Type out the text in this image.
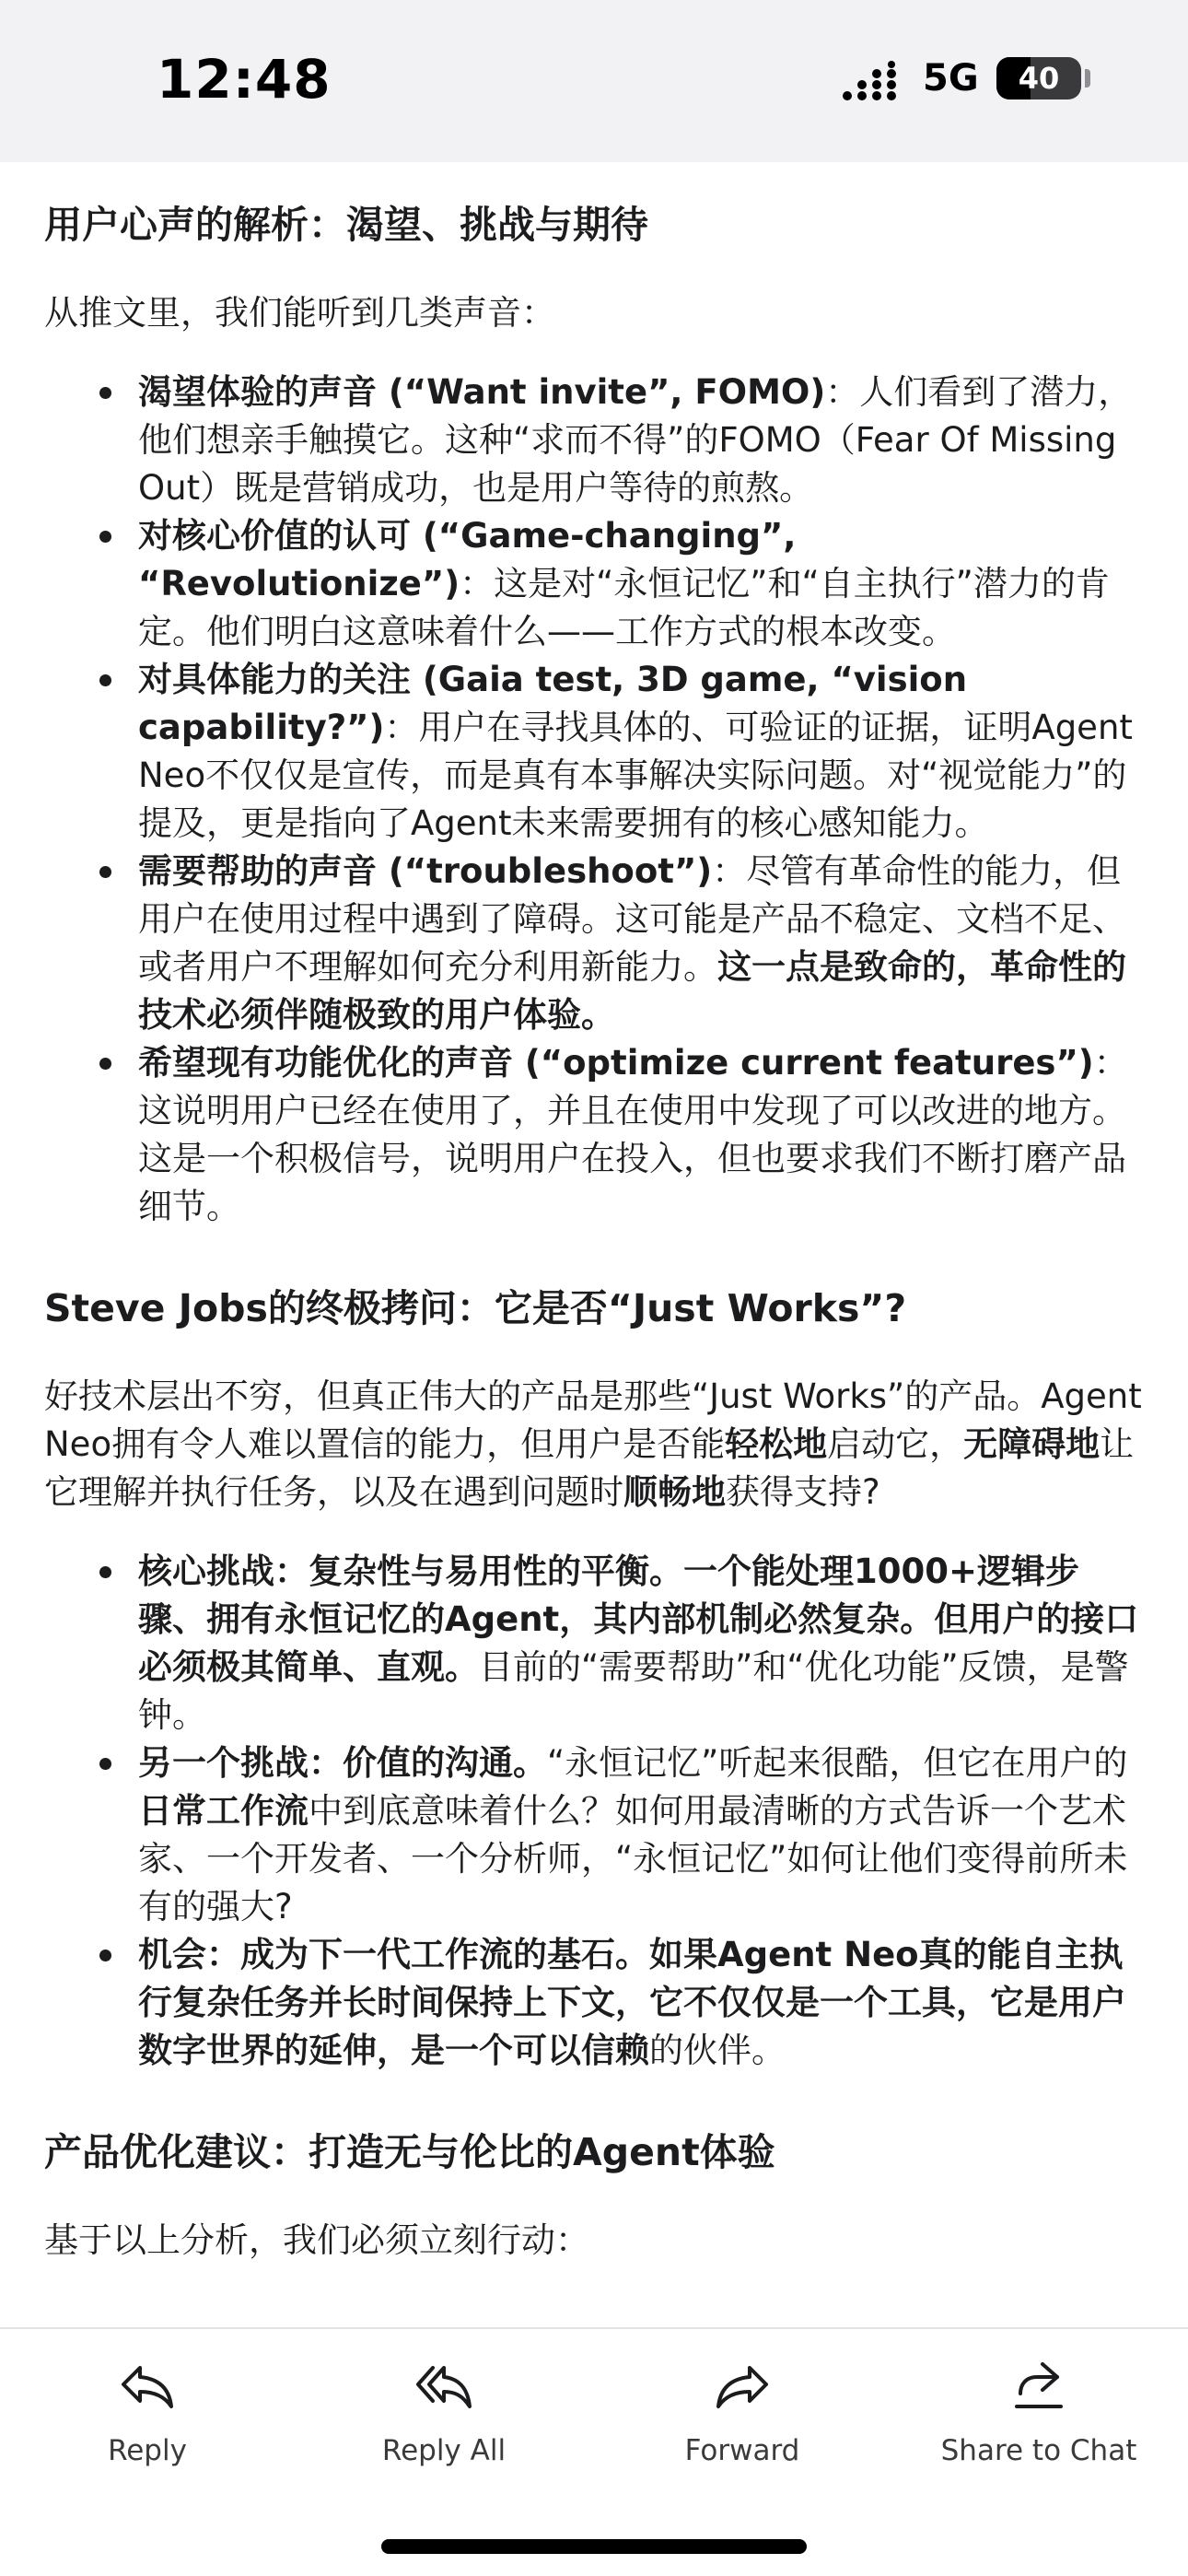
12:48	5G	40
用户心声的解析：渴望、挑战与期待

从推文里，我们能听到几类声音：

渴望体验的声音 (“Want invite”, FOMO)：人们看到了潜力，他们想亲手触摸它。这种“求而不得”的FOMO（Fear Of Missing Out）既是营销成功，也是用户等待的煎熬。
对核心价值的认可 (“Game-changing”, “Revolutionize”)：这是对“永恒记忆”和“自主执行”潜力的肯定。他们明白这意味着什么——工作方式的根本改变。
对具体能力的关注 (Gaia test, 3D game, “vision capability?”)：用户在寻找具体的、可验证的证据，证明Agent Neo不仅仅是宣传，而是真有本事解决实际问题。对“视觉能力”的提及，更是指向了Agent未来需要拥有的核心感知能力。
需要帮助的声音 (“troubleshoot”)：尽管有革命性的能力，但用户在使用过程中遇到了障碍。这可能是产品不稳定、文档不足、或者用户不理解如何充分利用新能力。这一点是致命的，革命性的技术必须伴随极致的用户体验。
希望现有功能优化的声音 (“optimize current features”)：这说明用户已经在使用了，并且在使用中发现了可以改进的地方。这是一个积极信号，说明用户在投入，但也要求我们不断打磨产品细节。
Steve Jobs的终极拷问：它是否“Just Works”?

好技术层出不穷，但真正伟大的产品是那些“Just Works”的产品。Agent Neo拥有令人难以置信的能力，但用户是否能轻松地启动它，无障碍地让它理解并执行任务，以及在遇到问题时顺畅地获得支持?

核心挑战：复杂性与易用性的平衡。一个能处理1000+逻辑步骤、拥有永恒记忆的Agent，其内部机制必然复杂。但用户的接口必须极其简单、直观。目前的“需要帮助”和“优化功能”反馈，是警钟。
另一个挑战：价值的沟通。“永恒记忆”听起来很酷，但它在用户的日常工作流中到底意味着什么？如何用最清晰的方式告诉一个艺术家、一个开发者、一个分析师，“永恒记忆”如何让他们变得前所未有的强大?
机会：成为下一代工作流的基石。如果Agent Neo真的能自主执行复杂任务并长时间保持上下文，它不仅仅是一个工具，它是用户数字世界的延伸，是一个可以信赖的伙伴。
产品优化建议：打造无与伦比的Agent体验

基于以上分析，我们必须立刻行动：

Reply	Reply All	Forward	Share to Chat
